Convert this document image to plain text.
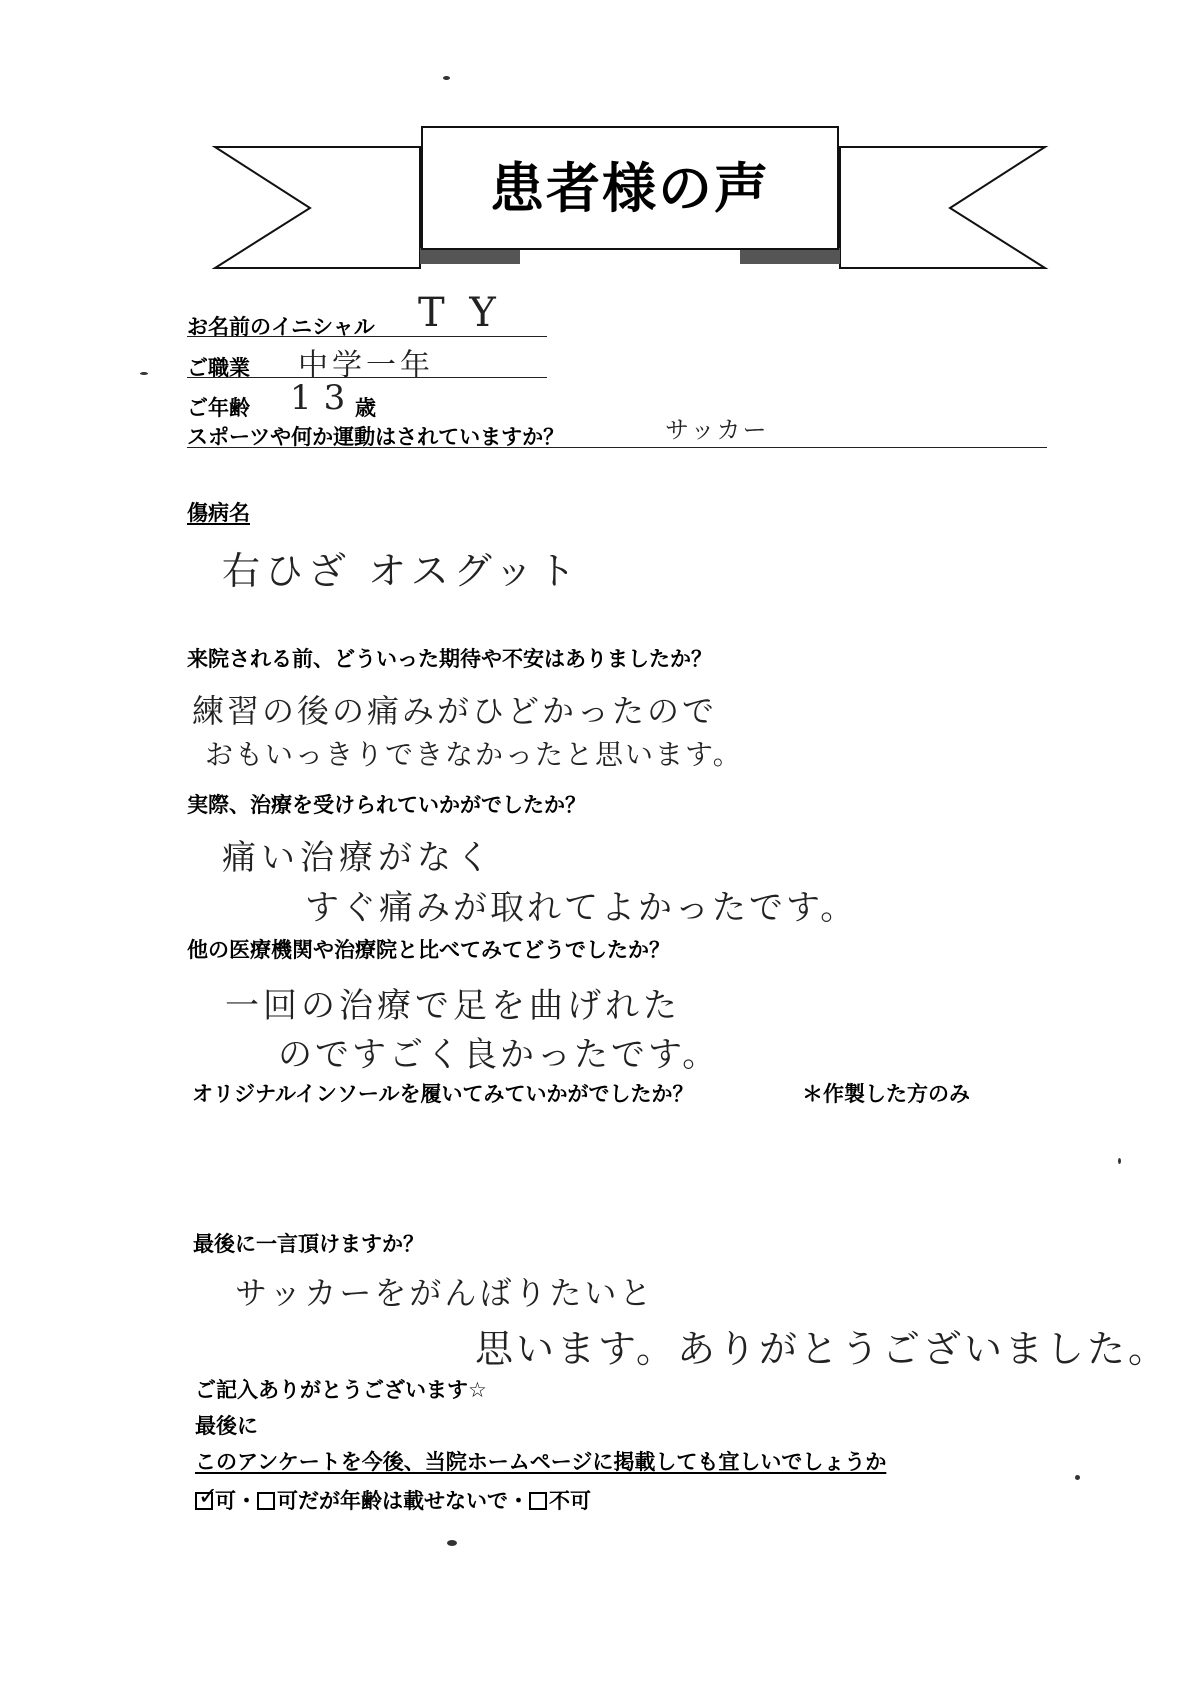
患者様の声
お名前のイニシャル T Y
ご職業 中学一年
ご年齢 13
歳
スポーツや何か運動はされていますか？	サッカー
傷病名
右ひざ オスグット
来院される前、どういった期待や不安はありましたか？
練習の後の痛みがひどかったので
おもいっきりできなかったと思います。
実際、治療を受けられていかがでしたか？
痛い治療がなく
すぐ痛みが取れてよかったです。
他の医療機関や治療院と比べてみてどうでしたか？
一回の治療で足を曲げれた
のですごく良かったです。
オリジナルインソールを履いてみていかがでしたか？	＊作製した方のみ
最後に一言頂けますか？
サッカーをがんばりたいと
思います。ありがとうございました。
ご記入ありがとうございます☆
最後に
このアンケートを今後、当院ホームページに掲載しても宜しいでしょうか
✓
可・ 可だが年齢は載せないで・ 不可
